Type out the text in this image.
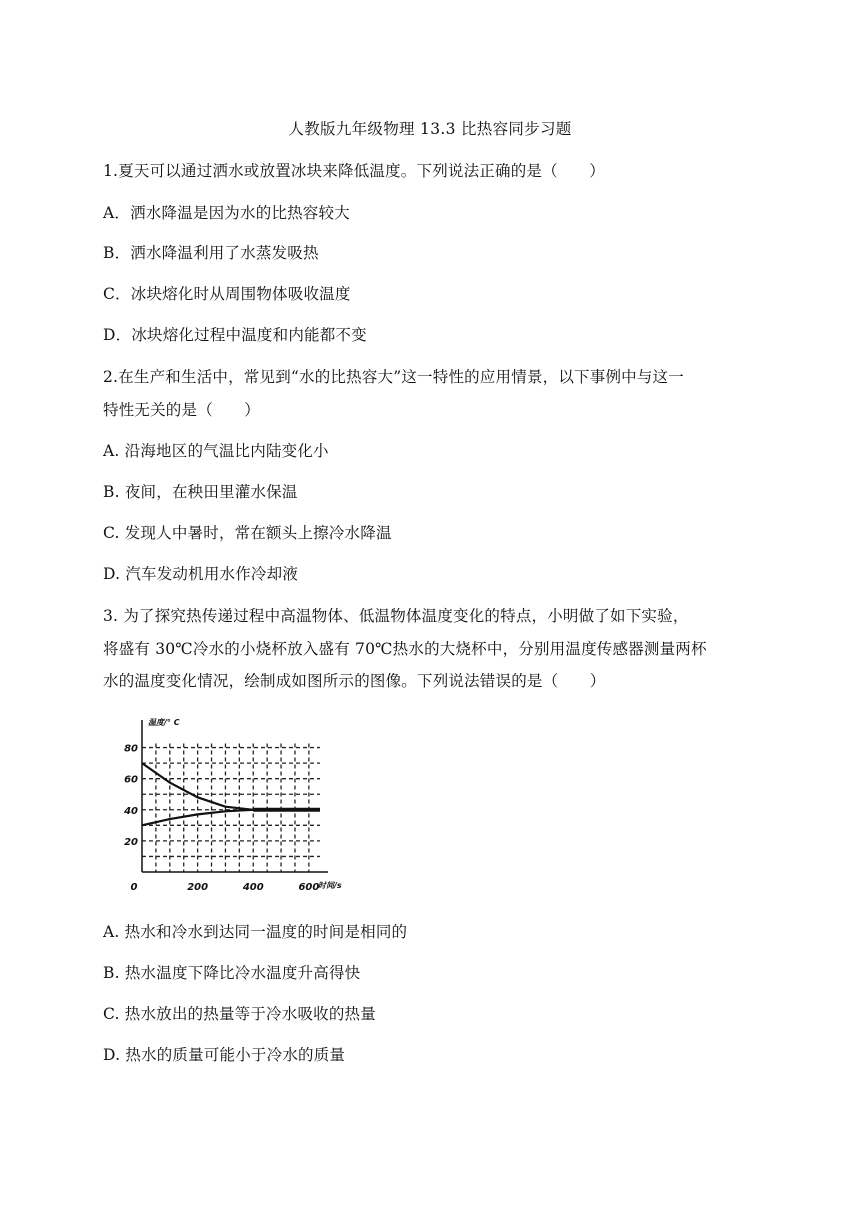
人教版九年级物理 13.3 比热容同步习题
1.夏天可以通过洒水或放置冰块来降低温度。下列说法正确的是（　　）
A．洒水降温是因为水的比热容较大
B．洒水降温利用了水蒸发吸热
C．冰块熔化时从周围物体吸收温度
D．冰块熔化过程中温度和内能都不变
2.在生产和生活中，常见到“水的比热容大”这一特性的应用情景，以下事例中与这一
特性无关的是（　　）
A. 沿海地区的气温比内陆变化小
B. 夜间，在秧田里灌水保温
C. 发现人中暑时，常在额头上擦冷水降温
D. 汽车发动机用水作冷却液
3. 为了探究热传递过程中高温物体、低温物体温度变化的特点，小明做了如下实验，
将盛有 30℃冷水的小烧杯放入盛有 70℃热水的大烧杯中，分别用温度传感器测量两杯
水的温度变化情况，绘制成如图所示的图像。下列说法错误的是（　　）
20
40
60
80
200	400	600
0
温度/° C
时间/s
A. 热水和冷水到达同一温度的时间是相同的
B. 热水温度下降比冷水温度升高得快
C. 热水放出的热量等于冷水吸收的热量
D. 热水的质量可能小于冷水的质量
